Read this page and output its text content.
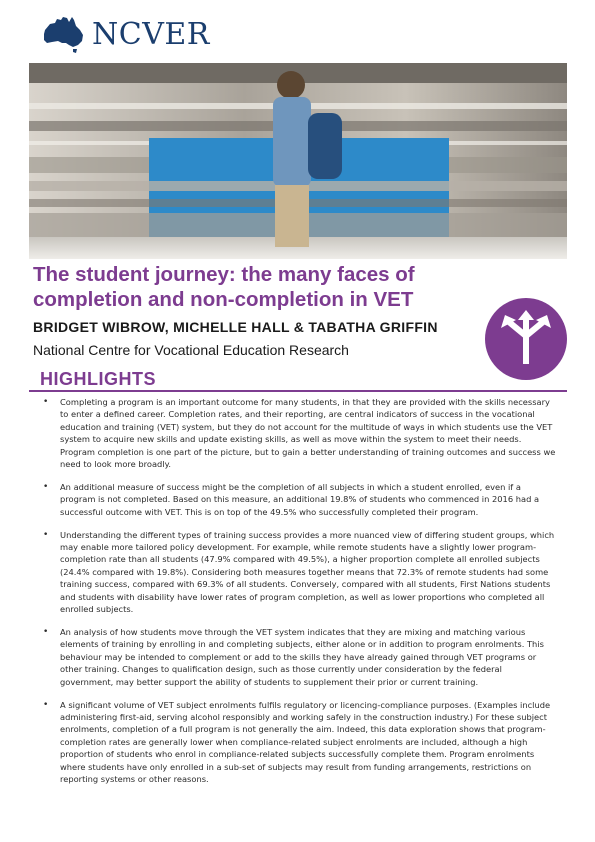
NCVER
The student journey: the many faces of completion and non-completion in VET
BRIDGET WIBROW, MICHELLE HALL & TABATHA GRIFFIN
National Centre for Vocational Education Research
HIGHLIGHTS
• Completing a program is an important outcome for many students, in that they are provided with the skills necessary to enter a defined career. Completion rates, and their reporting, are central indicators of success in the vocational education and training (VET) system, but they do not account for the multitude of ways in which students use the VET system to acquire new skills and update existing skills, as well as move within the system to meet their needs. Program completion is one part of the picture, but to gain a better understanding of training outcomes and success we need to look more broadly.
• An additional measure of success might be the completion of all subjects in which a student enrolled, even if a program is not completed. Based on this measure, an additional 19.8% of students who commenced in 2016 had a successful outcome with VET. This is on top of the 49.5% who successfully completed their program.
• Understanding the different types of training success provides a more nuanced view of differing student groups, which may enable more tailored policy development. For example, while remote students have a slightly lower program-completion rate than all students (47.9% compared with 49.5%), a higher proportion complete all enrolled subjects (24.4% compared with 19.8%). Considering both measures together means that 72.3% of remote students had some training success, compared with 69.3% of all students. Conversely, compared with all students, First Nations students and students with disability have lower rates of program completion, as well as lower proportions who completed all enrolled subjects.
• An analysis of how students move through the VET system indicates that they are mixing and matching various elements of training by enrolling in and completing subjects, either alone or in addition to program enrolments. This behaviour may be intended to complement or add to the skills they have already gained through VET programs or other training. Changes to qualification design, such as those currently under consideration by the federal government, may better support the ability of students to supplement their prior or current training.
• A significant volume of VET subject enrolments fulfils regulatory or licencing-compliance purposes. (Examples include administering first-aid, serving alcohol responsibly and working safely in the construction industry.) For these subject enrolments, completion of a full program is not generally the aim. Indeed, this data exploration shows that program-completion rates are generally lower when compliance-related subject enrolments are included, although a high proportion of students who enrol in compliance-related subjects successfully complete them. Program enrolments where students have only enrolled in a sub-set of subjects may result from funding arrangements, restrictions on reporting systems or other reasons.
